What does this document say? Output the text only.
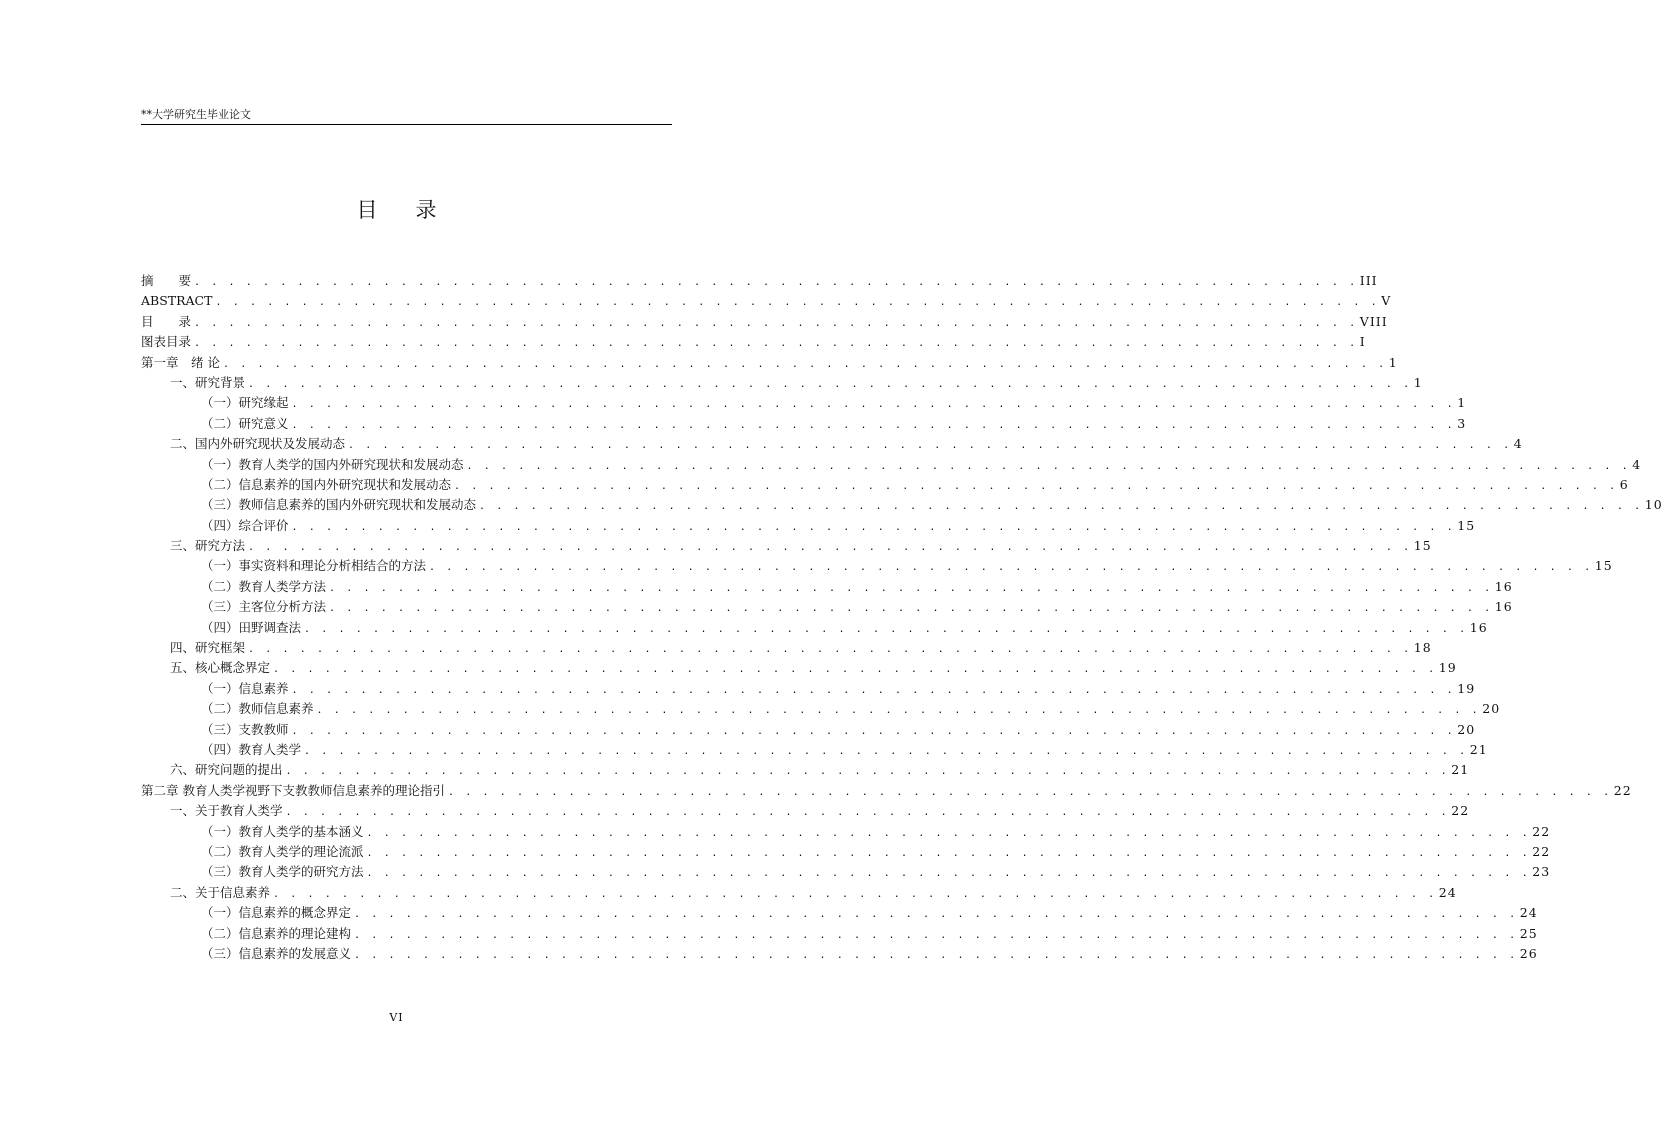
**大学研究生毕业论文
目录
摘　　要 . . . . . . . . . . . . . . . . . . . . . . . . . . . . . . . . . . . . . . . . . . . . . . . . . . . . . . . . . . . . . . . . . . . . III
ABSTRACT . . . . . . . . . . . . . . . . . . . . . . . . . . . . . . . . . . . . . . . . . . . . . . . . . . . . . . . . . . . . . . . . . . . . V
目　　录 . . . . . . . . . . . . . . . . . . . . . . . . . . . . . . . . . . . . . . . . . . . . . . . . . . . . . . . . . . . . . . . . . . . . VIII
图表目录 . . . . . . . . . . . . . . . . . . . . . . . . . . . . . . . . . . . . . . . . . . . . . . . . . . . . . . . . . . . . . . . . . . . . I
第一章　绪 论 . . . . . . . . . . . . . . . . . . . . . . . . . . . . . . . . . . . . . . . . . . . . . . . . . . . . . . . . . . . . . . . . . . . . 1
一、研究背景 . . . . . . . . . . . . . . . . . . . . . . . . . . . . . . . . . . . . . . . . . . . . . . . . . . . . . . . . . . . . . . . . . . . . 1
（一）研究缘起 . . . . . . . . . . . . . . . . . . . . . . . . . . . . . . . . . . . . . . . . . . . . . . . . . . . . . . . . . . . . . . . . . . . . 1
（二）研究意义 . . . . . . . . . . . . . . . . . . . . . . . . . . . . . . . . . . . . . . . . . . . . . . . . . . . . . . . . . . . . . . . . . . . . 3
二、国内外研究现状及发展动态 . . . . . . . . . . . . . . . . . . . . . . . . . . . . . . . . . . . . . . . . . . . . . . . . . . . . . . . . . . . . . . . . . . . . 4
（一）教育人类学的国内外研究现状和发展动态 . . . . . . . . . . . . . . . . . . . . . . . . . . . . . . . . . . . . . . . . . . . . . . . . . . . . . . . . . . . . . . . . . . . . 4
（二）信息素养的国内外研究现状和发展动态 . . . . . . . . . . . . . . . . . . . . . . . . . . . . . . . . . . . . . . . . . . . . . . . . . . . . . . . . . . . . . . . . . . . . 6
（三）教师信息素养的国内外研究现状和发展动态 . . . . . . . . . . . . . . . . . . . . . . . . . . . . . . . . . . . . . . . . . . . . . . . . . . . . . . . . . . . . . . . . . . . . 10
（四）综合评价 . . . . . . . . . . . . . . . . . . . . . . . . . . . . . . . . . . . . . . . . . . . . . . . . . . . . . . . . . . . . . . . . . . . . 15
三、研究方法 . . . . . . . . . . . . . . . . . . . . . . . . . . . . . . . . . . . . . . . . . . . . . . . . . . . . . . . . . . . . . . . . . . . . 15
（一）事实资料和理论分析相结合的方法 . . . . . . . . . . . . . . . . . . . . . . . . . . . . . . . . . . . . . . . . . . . . . . . . . . . . . . . . . . . . . . . . . . . . 15
（二）教育人类学方法 . . . . . . . . . . . . . . . . . . . . . . . . . . . . . . . . . . . . . . . . . . . . . . . . . . . . . . . . . . . . . . . . . . . . 16
（三）主客位分析方法 . . . . . . . . . . . . . . . . . . . . . . . . . . . . . . . . . . . . . . . . . . . . . . . . . . . . . . . . . . . . . . . . . . . . 16
（四）田野调查法 . . . . . . . . . . . . . . . . . . . . . . . . . . . . . . . . . . . . . . . . . . . . . . . . . . . . . . . . . . . . . . . . . . . . 16
四、研究框架 . . . . . . . . . . . . . . . . . . . . . . . . . . . . . . . . . . . . . . . . . . . . . . . . . . . . . . . . . . . . . . . . . . . . 18
五、核心概念界定 . . . . . . . . . . . . . . . . . . . . . . . . . . . . . . . . . . . . . . . . . . . . . . . . . . . . . . . . . . . . . . . . . . . . 19
（一）信息素养 . . . . . . . . . . . . . . . . . . . . . . . . . . . . . . . . . . . . . . . . . . . . . . . . . . . . . . . . . . . . . . . . . . . . 19
（二）教师信息素养 . . . . . . . . . . . . . . . . . . . . . . . . . . . . . . . . . . . . . . . . . . . . . . . . . . . . . . . . . . . . . . . . . . . . 20
（三）支教教师 . . . . . . . . . . . . . . . . . . . . . . . . . . . . . . . . . . . . . . . . . . . . . . . . . . . . . . . . . . . . . . . . . . . . 20
（四）教育人类学 . . . . . . . . . . . . . . . . . . . . . . . . . . . . . . . . . . . . . . . . . . . . . . . . . . . . . . . . . . . . . . . . . . . . 21
六、研究问题的提出 . . . . . . . . . . . . . . . . . . . . . . . . . . . . . . . . . . . . . . . . . . . . . . . . . . . . . . . . . . . . . . . . . . . . 21
第二章 教育人类学视野下支教教师信息素养的理论指引 . . . . . . . . . . . . . . . . . . . . . . . . . . . . . . . . . . . . . . . . . . . . . . . . . . . . . . . . . . . . . . . . . . . . 22
一、关于教育人类学 . . . . . . . . . . . . . . . . . . . . . . . . . . . . . . . . . . . . . . . . . . . . . . . . . . . . . . . . . . . . . . . . . . . . 22
（一）教育人类学的基本涵义 . . . . . . . . . . . . . . . . . . . . . . . . . . . . . . . . . . . . . . . . . . . . . . . . . . . . . . . . . . . . . . . . . . . . 22
（二）教育人类学的理论流派 . . . . . . . . . . . . . . . . . . . . . . . . . . . . . . . . . . . . . . . . . . . . . . . . . . . . . . . . . . . . . . . . . . . . 22
（三）教育人类学的研究方法 . . . . . . . . . . . . . . . . . . . . . . . . . . . . . . . . . . . . . . . . . . . . . . . . . . . . . . . . . . . . . . . . . . . . 23
二、关于信息素养 . . . . . . . . . . . . . . . . . . . . . . . . . . . . . . . . . . . . . . . . . . . . . . . . . . . . . . . . . . . . . . . . . . . . 24
（一）信息素养的概念界定 . . . . . . . . . . . . . . . . . . . . . . . . . . . . . . . . . . . . . . . . . . . . . . . . . . . . . . . . . . . . . . . . . . . . 24
（二）信息素养的理论建构 . . . . . . . . . . . . . . . . . . . . . . . . . . . . . . . . . . . . . . . . . . . . . . . . . . . . . . . . . . . . . . . . . . . . 25
（三）信息素养的发展意义 . . . . . . . . . . . . . . . . . . . . . . . . . . . . . . . . . . . . . . . . . . . . . . . . . . . . . . . . . . . . . . . . . . . . 26
VI
